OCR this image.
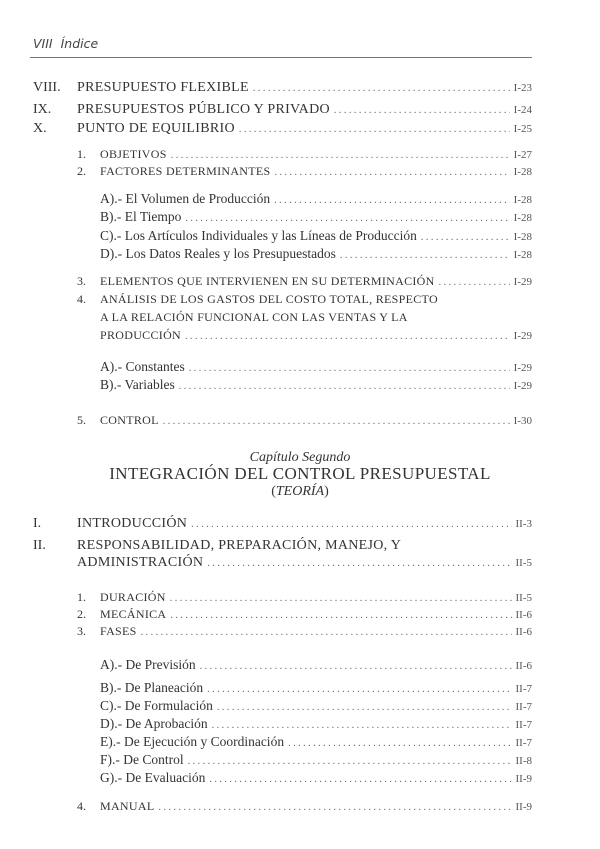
VIII Índice
VIII. PRESUPUESTO FLEXIBLE . . .	I-23
IX. PRESUPUESTOS PÚBLICO Y PRIVADO . . .	I-24
X. PUNTO DE EQUILIBRIO . . .	I-25
1. OBJETIVOS . . .	I-27
2. FACTORES DETERMINANTES . . .	I-28
A).- El Volumen de Producción . . .	I-28
B).- El Tiempo . . .	I-28
C).- Los Artículos Individuales y las Líneas de Producción . . .	I-28
D).- Los Datos Reales y los Presupuestados . . .	I-28
3. ELEMENTOS QUE INTERVIENEN EN SU DETERMINACIÓN . . .	I-29
4. ANÁLISIS DE LOS GASTOS DEL COSTO TOTAL, RESPECTO
A LA RELACIÓN FUNCIONAL CON LAS VENTAS Y LA
PRODUCCIÓN . . .	I-29
A).- Constantes . . .	I-29
B).- Variables . . .	I-29
5. CONTROL . . .	I-30
I.	INTRODUCCIÓN . . .	II-3
II. RESPONSABILIDAD, PREPARACIÓN, MANEJO, Y
ADMINISTRACIÓN . . .	II-5
1. DURACIÓN . . .	II-5
2. MECÁNICA . . .	II-6
3. FASES . . .	II-6
A).- De Previsión . . .	II-6
B).- De Planeación . . .	II-7
C).- De Formulación . . .	II-7
D).- De Aprobación . . .	II-7
E).- De Ejecución y Coordinación . . .	II-7
F).- De Control . . .	II-8
G).- De Evaluación . . .	II-9
4. MANUAL . . .	II-9
Capítulo Segundo
INTEGRACIÓN DEL CONTROL PRESUPUESTAL
(TEORÍA)
